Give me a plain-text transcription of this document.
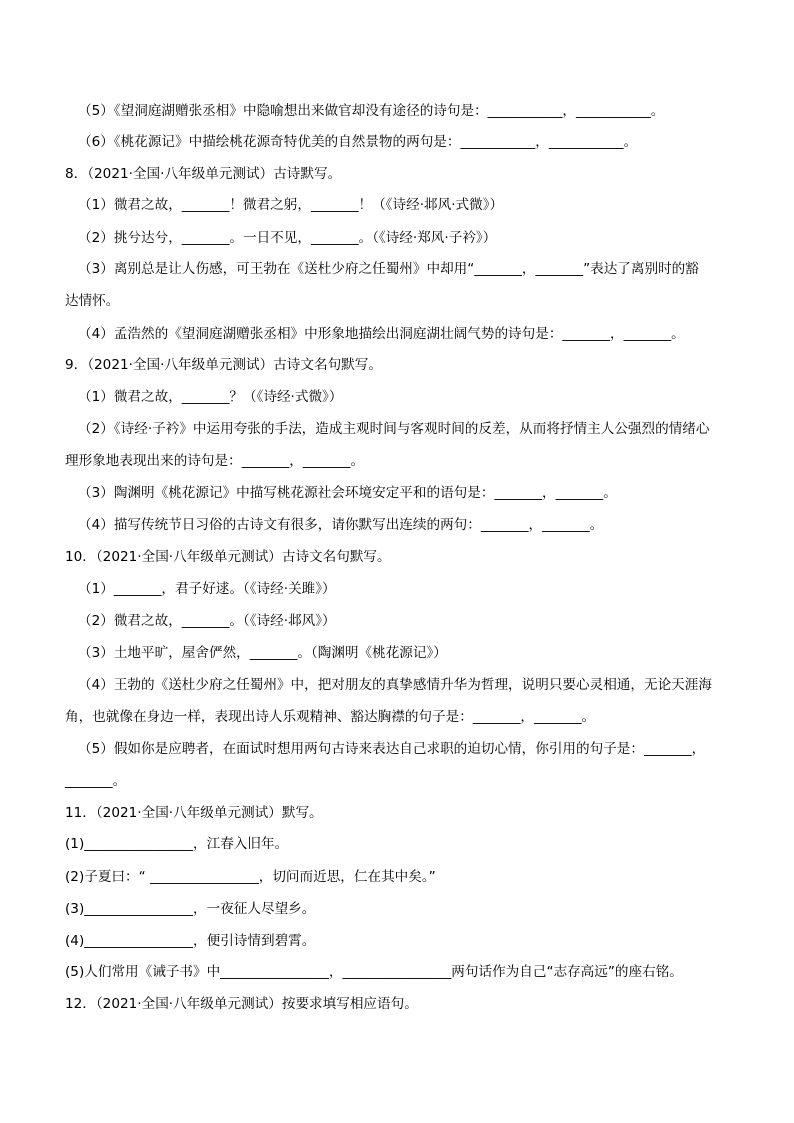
（5）《望洞庭湖赠张丞相》中隐喻想出来做官却没有途径的诗句是：___________，___________。
（6）《桃花源记》中描绘桃花源奇特优美的自然景物的两句是：___________，___________。
8．（2021·全国·八年级单元测试）古诗默写。
（1）微君之故，_______！微君之躬，_______！（《诗经·邶风·式微》）
（2）挑兮达兮，_______。一日不见，_______。（《诗经·郑风·子衿》）
（3）离别总是让人伤感，可王勃在《送杜少府之任蜀州》中却用“_______，_______”表达了离别时的豁
达情怀。
（4）孟浩然的《望洞庭湖赠张丞相》中形象地描绘出洞庭湖壮阔气势的诗句是：_______，_______。
9．（2021·全国·八年级单元测试）古诗文名句默写。
（1）微君之故，_______？（《诗经·式微》）
（2）《诗经·子衿》中运用夸张的手法，造成主观时间与客观时间的反差，从而将抒情主人公强烈的情绪心
理形象地表现出来的诗句是：_______，_______。
（3）陶渊明《桃花源记》中描写桃花源社会环境安定平和的语句是：_______，_______。
（4）描写传统节日习俗的古诗文有很多，请你默写出连续的两句：_______，_______。
10．（2021·全国·八年级单元测试）古诗文名句默写。
（1）_______，君子好逑。（《诗经·关雎》）
（2）微君之故，_______。（《诗经·邶风》）
（3）土地平旷，屋舍俨然，_______。（陶渊明《桃花源记》）
（4）王勃的《送杜少府之任蜀州》中，把对朋友的真挚感情升华为哲理，说明只要心灵相通，无论天涯海
角，也就像在身边一样，表现出诗人乐观精神、豁达胸襟的句子是：_______，_______。
（5）假如你是应聘者，在面试时想用两句古诗来表达自己求职的迫切心情，你引用的句子是：_______，
_______。
11．（2021·全国·八年级单元测试）默写。
(1)________________，江春入旧年。
(2)子夏曰：“ ________________，切问而近思，仁在其中矣。”
(3)________________，一夜征人尽望乡。
(4)________________，便引诗情到碧霄。
(5)人们常用《诫子书》中________________，________________两句话作为自己“志存高远”的座右铭。
12．（2021·全国·八年级单元测试）按要求填写相应语句。
